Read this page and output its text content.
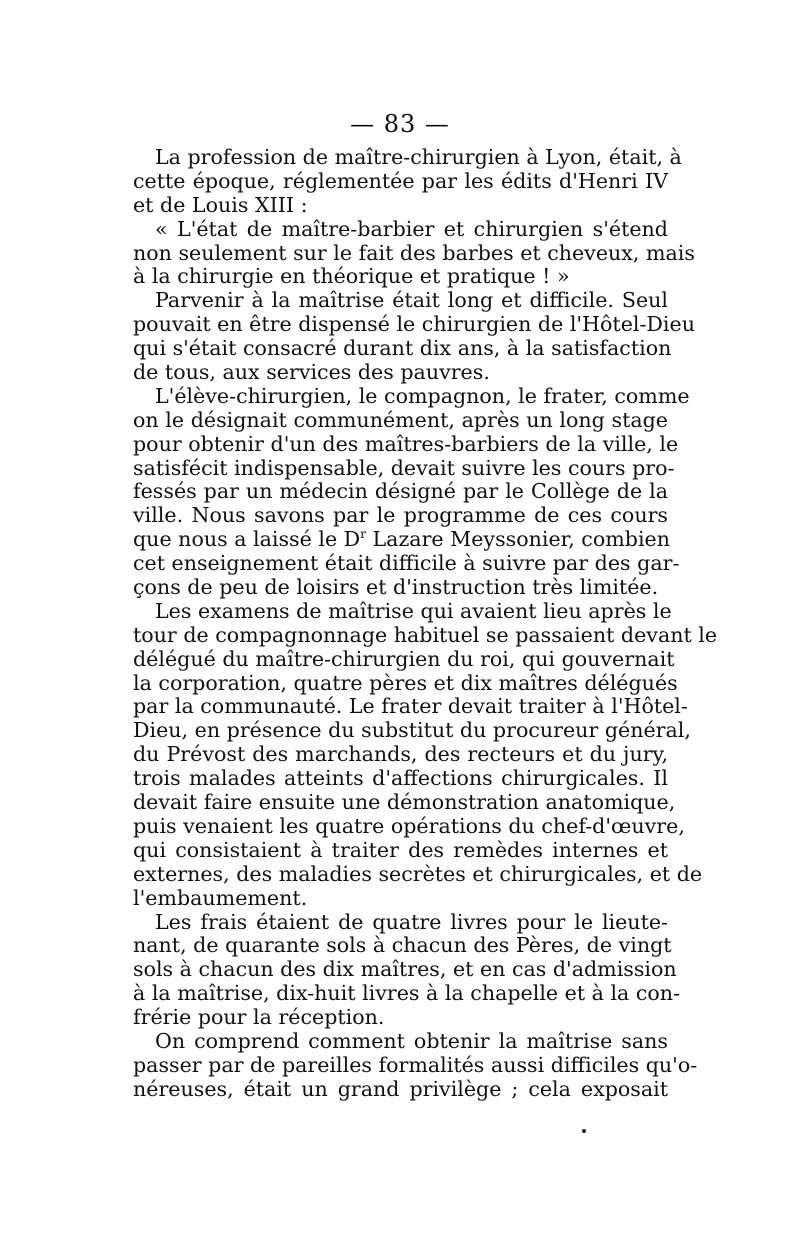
— 83 —
La profession de maître-chirurgien à Lyon, était, à
cette époque, réglementée par les édits d'Henri IV
et de Louis XIII :
« L'état de maître-barbier et chirurgien s'étend
non seulement sur le fait des barbes et cheveux, mais
à la chirurgie en théorique et pratique ! »
Parvenir à la maîtrise était long et difficile. Seul
pouvait en être dispensé le chirurgien de l'Hôtel-Dieu
qui s'était consacré durant dix ans, à la satisfaction
de tous, aux services des pauvres.
L'élève-chirurgien, le compagnon, le frater, comme
on le désignait communément, après un long stage
pour obtenir d'un des maîtres-barbiers de la ville, le
satisfécit indispensable, devait suivre les cours pro-
fessés par un médecin désigné par le Collège de la
ville. Nous savons par le programme de ces cours
que nous a laissé le $D^r$ Lazare Meyssonier, combien
cet enseignement était difficile à suivre par des gar-
çons de peu de loisirs et d'instruction très limitée.
Les examens de maîtrise qui avaient lieu après le
tour de compagnonnage habituel se passaient devant le
délégué du maître-chirurgien du roi, qui gouvernait
la corporation, quatre pères et dix maîtres délégués
par la communauté. Le frater devait traiter à l'Hôtel-
Dieu, en présence du substitut du procureur général,
du Prévost des marchands, des recteurs et du jury,
trois malades atteints d'affections chirurgicales. Il
devait faire ensuite une démonstration anatomique,
puis venaient les quatre opérations du chef-d'œuvre,
qui consistaient à traiter des remèdes internes et
externes, des maladies secrètes et chirurgicales, et de
l'embaumement.
Les frais étaient de quatre livres pour le lieute-
nant, de quarante sols à chacun des Pères, de vingt
sols à chacun des dix maîtres, et en cas d'admission
à la maîtrise, dix-huit livres à la chapelle et à la con-
frérie pour la réception.
On comprend comment obtenir la maîtrise sans
passer par de pareilles formalités aussi difficiles qu'o-
néreuses, était un grand privilège ; cela exposait
